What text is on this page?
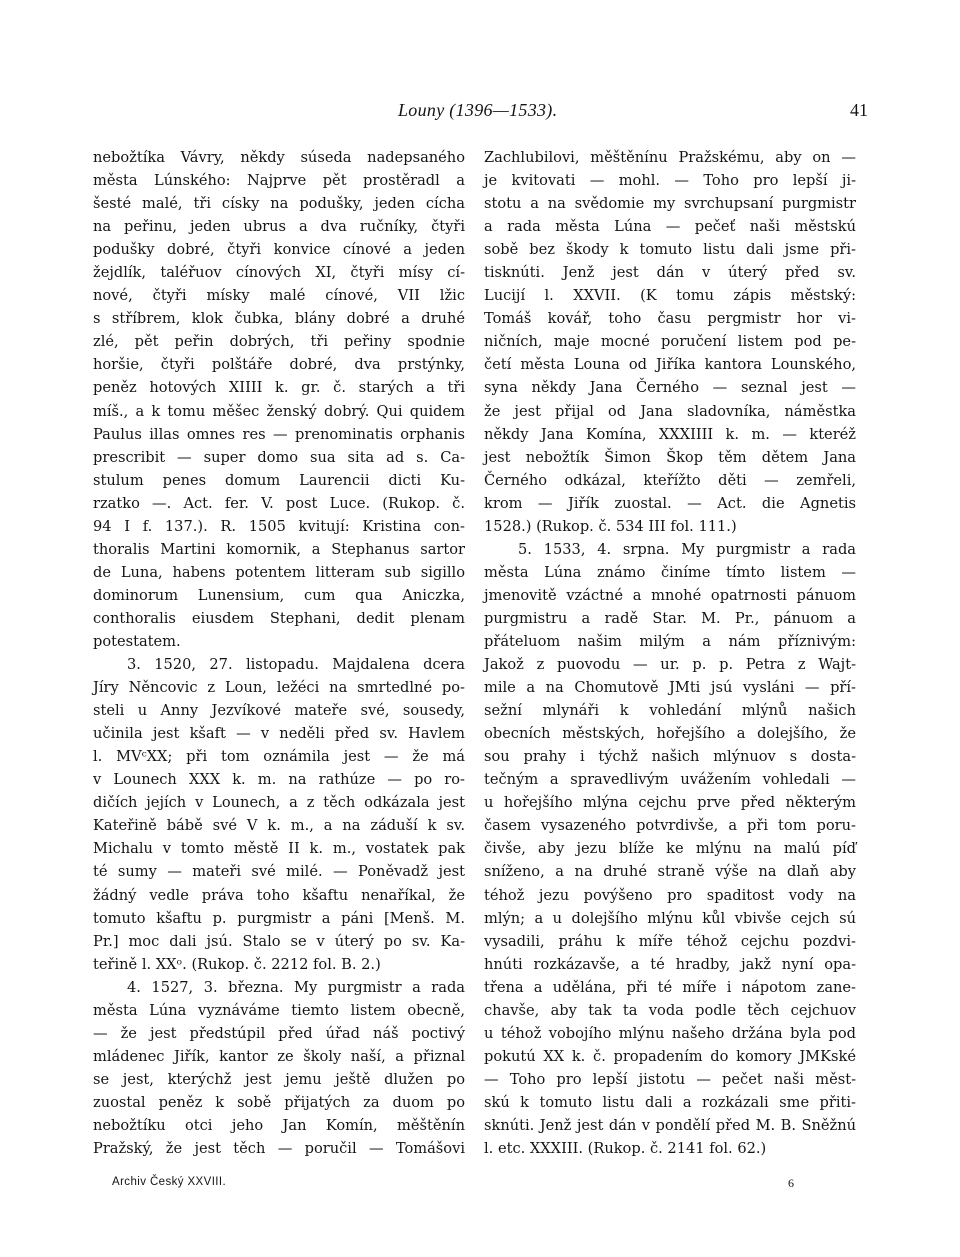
Louny (1396—1533).	41
nebožtíka Vávry, někdy súseda nadepsaného
města Lúnského: Najprve pět prostěradl a
šesté malé, tři císky na podušky, jeden cícha
na peřinu, jeden ubrus a dva ručníky, čtyři
podušky dobré, čtyři konvice cínové a jeden
žejdlík, taléřuov cínových XI, čtyři mísy cí-
nové, čtyři mísky malé cínové, VII lžic
s stříbrem, klok čubka, blány dobré a druhé
zlé, pět peřin dobrých, tři peřiny spodnie
horšie, čtyři polštáře dobré, dva prstýnky,
peněz hotových XIIII k. gr. č. starých a tři
míš., a k tomu měšec ženský dobrý. Qui quidem
Paulus illas omnes res — prenominatis orphanis
prescribit — super domo sua sita ad s. Ca-
stulum penes domum Laurencii dicti Ku-
rzatko —. Act. fer. V. post Luce. (Rukop. č.
94 I f. 137.). R. 1505 kvitují: Kristina con-
thoralis Martini komornik, a Stephanus sartor
de Luna, habens potentem litteram sub sigillo
dominorum Lunensium, cum qua Aniczka,
conthoralis eiusdem Stephani, dedit plenam
potestatem.
3. 1520, 27. listopadu. Majdalena dcera
Jíry Něncovic z Loun, ležéci na smrtedlné po-
steli u Anny Jezvíkové mateře své, sousedy,
učinila jest kšaft — v neděli před sv. Havlem
l. MVᶜXX; při tom oznámila jest — že má
v Lounech XXX k. m. na rathúze — po ro-
dičích jejích v Lounech, a z těch odkázala jest
Kateřině bábě své V k. m., a na záduší k sv.
Michalu v tomto městě II k. m., vostatek pak
té sumy — mateři své milé. — Poněvadž jest
žádný vedle práva toho kšaftu nenaříkal, že
tomuto kšaftu p. purgmistr a páni [Menš. M.
Pr.] moc dali jsú. Stalo se v úterý po sv. Ka-
teřině l. XXᵒ. (Rukop. č. 2212 fol. B. 2.)
4. 1527, 3. března. My purgmistr a rada
města Lúna vyznáváme tiemto listem obecně,
— že jest předstúpil před úřad náš poctivý
mládenec Jiřík, kantor ze školy naší, a přiznal
se jest, kterýchž jest jemu ještě dlužen po
zuostal peněz k sobě přijatých za duom po
nebožtíku otci jeho Jan Komín, měštěnín
Pražský, že jest těch — poručil — Tomášovi
Zachlubilovi, měštěnínu Pražskému, aby on —
je kvitovati — mohl. — Toho pro lepší ji-
stotu a na svědomie my svrchupsaní purgmistr
a rada města Lúna — pečeť naši městskú
sobě bez škody k tomuto listu dali jsme při-
tisknúti. Jenž jest dán v úterý před sv.
Lucijí l. XXVII. (K tomu zápis městský:
Tomáš kovář, toho času pergmistr hor vi-
ničních, maje mocné poručení listem pod pe-
četí města Louna od Jiříka kantora Lounského,
syna někdy Jana Černého — seznal jest —
že jest přijal od Jana sladovníka, náměstka
někdy Jana Komína, XXXIIII k. m. — kteréž
jest nebožtík Šimon Škop těm dětem Jana
Černého odkázal, kteřížto děti — zemřeli,
krom — Jiřík zuostal. — Act. die Agnetis
1528.) (Rukop. č. 534 III fol. 111.)
5. 1533, 4. srpna. My purgmistr a rada
města Lúna známo činíme tímto listem —
jmenovitě vzáctné a mnohé opatrnosti pánuom
purgmistru a radě Star. M. Pr., pánuom a
přáteluom našim milým a nám příznivým:
Jakož z puovodu — ur. p. p. Petra z Wajt-
mile a na Chomutově JMti jsú vysláni — pří-
sežní mlynáři k vohledání mlýnů našich
obecních městských, hořejšího a dolejšího, že
sou prahy i týchž našich mlýnuov s dosta-
tečným a spravedlivým uvážením vohledali —
u hořejšího mlýna cejchu prve před některým
časem vysazeného potvrdivše, a při tom poru-
čivše, aby jezu blíže ke mlýnu na malú píď
sníženo, a na druhé straně výše na dlaň aby
téhož jezu povýšeno pro spaditost vody na
mlýn; a u dolejšího mlýnu kůl vbivše cejch sú
vysadili, práhu k míře téhož cejchu pozdvi-
hnúti rozkázavše, a té hradby, jakž nyní opa-
třena a udělána, při té míře i nápotom zane-
chavše, aby tak ta voda podle těch cejchuov
u téhož vobojího mlýnu našeho držána byla pod
pokutú XX k. č. propadením do komory JMKské
— Toho pro lepší jistotu — pečet naši měst-
skú k tomuto listu dali a rozkázali sme přiti-
sknúti. Jenž jest dán v pondělí před M. B. Sněžnú
l. etc. XXXIII. (Rukop. č. 2141 fol. 62.)
Archiv Český XXVIII.	6
